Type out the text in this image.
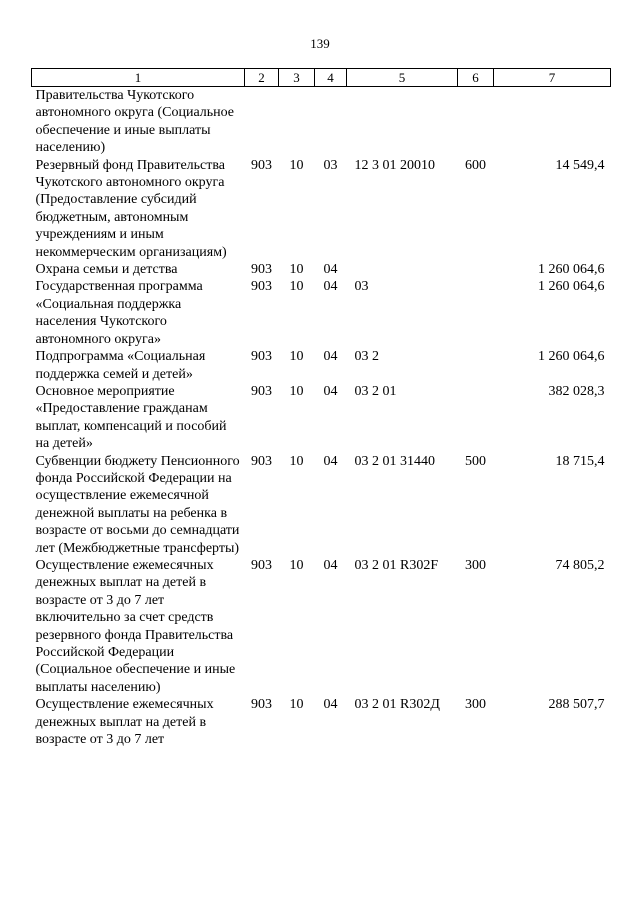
139
1	2	3	4	5	6	7
Правительства Чукотского автономного округа (Социальное обеспечение и иные выплаты населению)						
Резервный фонд Правительства Чукотского автономного округа (Предоставление субсидий бюджетным, автономным учреждениям и иным некоммерческим организациям)	903	10	03	12 3 01 20010	600	14 549,4
Охрана семьи и детства	903	10	04			1 260 064,6
Государственная программа «Социальная поддержка населения Чукотского автономного округа»	903	10	04	03		1 260 064,6
Подпрограмма «Социальная поддержка семей и детей»	903	10	04	03 2		1 260 064,6
Основное мероприятие «Предоставление гражданам выплат, компенсаций и пособий на детей»	903	10	04	03 2 01		382 028,3
Субвенции бюджету Пенсионного фонда Российской Федерации на осуществление ежемесячной денежной выплаты на ребенка в возрасте от восьми до семнадцати лет (Межбюджетные трансферты)	903	10	04	03 2 01 31440	500	18 715,4
Осуществление ежемесячных денежных выплат на детей в возрасте от 3 до 7 лет включительно за счет средств резервного фонда Правительства Российской Федерации (Социальное обеспечение и иные выплаты населению)	903	10	04	03 2 01 R302F	300	74 805,2
Осуществление ежемесячных денежных выплат на детей в возрасте от 3 до 7 лет	903	10	04	03 2 01 R302Д	300	288 507,7
